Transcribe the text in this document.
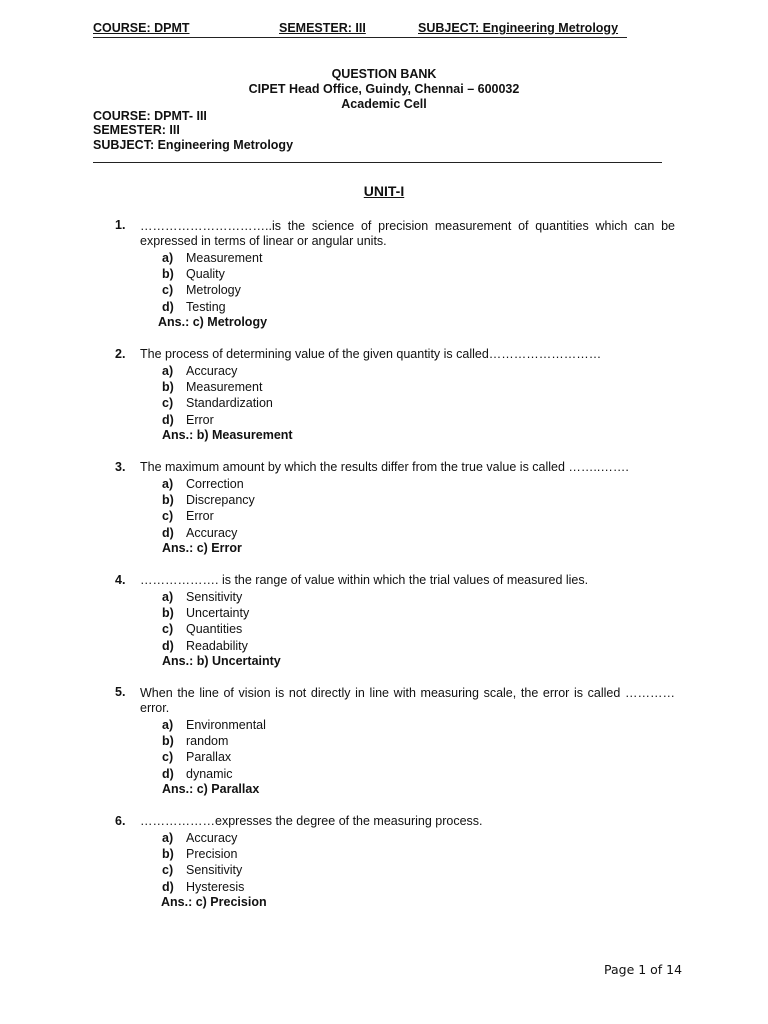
COURSE: DPMT	SEMESTER: III	SUBJECT: Engineering Metrology
QUESTION BANK
CIPET Head Office, Guindy, Chennai – 600032
Academic Cell
COURSE: DPMT- III
SEMESTER: III
SUBJECT: Engineering Metrology
UNIT-I
1. …………………………..is the science of precision measurement of quantities which can be
expressed in terms of linear or angular units.
a) Measurement
b) Quality
c) Metrology
d) Testing
Ans.: c) Metrology
2. The process of determining value of the given quantity is called………………………
a) Accuracy
b) Measurement
c) Standardization
d) Error
Ans.: b) Measurement
3. The maximum amount by which the results differ from the true value is called ……..…….
a) Correction
b) Discrepancy
c) Error
d) Accuracy
Ans.: c) Error
4. ………………. is the range of value within which the trial values of measured lies.
a) Sensitivity
b) Uncertainty
c) Quantities
d) Readability
Ans.: b) Uncertainty
5. When the line of vision is not directly in line with measuring scale, the error is called …………
error.
a) Environmental
b) random
c) Parallax
d) dynamic
Ans.: c) Parallax
6. ………………expresses the degree of the measuring process.
a) Accuracy
b) Precision
c) Sensitivity
d) Hysteresis
Ans.: c) Precision
Page 1 of 14
